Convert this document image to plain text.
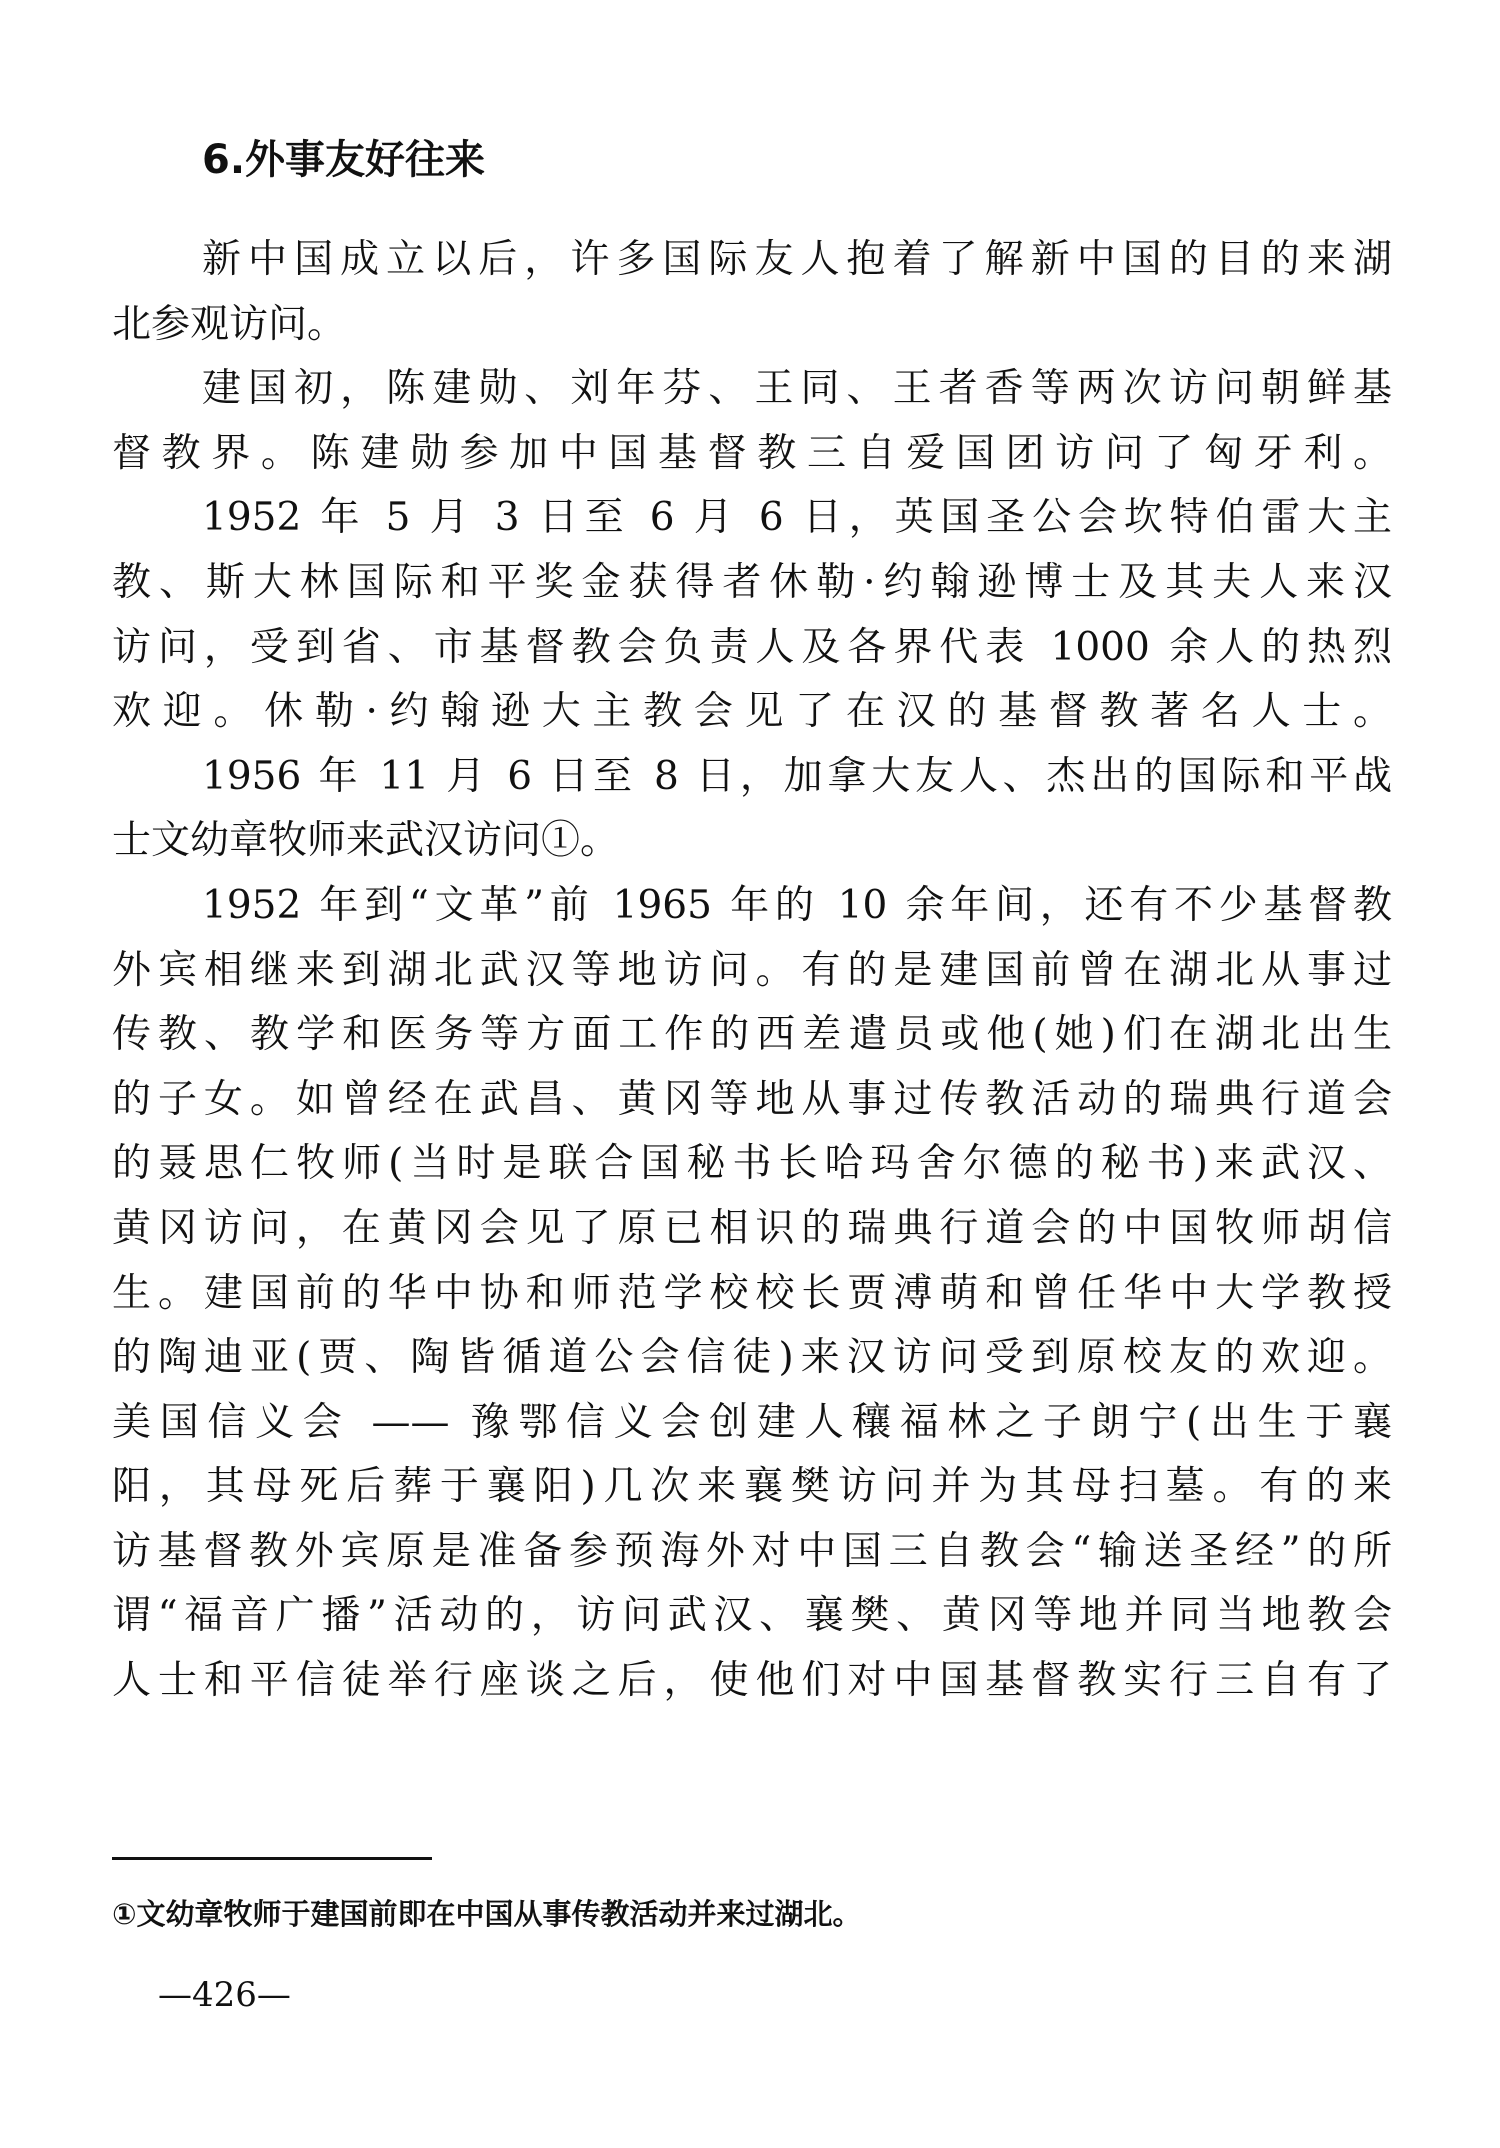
6.外事友好往来
新中国成立以后，许多国际友人抱着了解新中国的目的来湖
北参观访问。
建国初，陈建勋、刘年芬、王同、王者香等两次访问朝鲜基
督教界。陈建勋参加中国基督教三自爱国团访问了匈牙利。
1952 年 5 月 3 日至 6 月 6 日，英国圣公会坎特伯雷大主
教、斯大林国际和平奖金获得者休勒·约翰逊博士及其夫人来汉
访问，受到省、市基督教会负责人及各界代表 1000 余人的热烈
欢迎。休勒·约翰逊大主教会见了在汉的基督教著名人士。
1956 年 11 月 6 日至 8 日，加拿大友人、杰出的国际和平战
士文幼章牧师来武汉访问①。
1952 年到“文革”前 1965 年的 10 余年间，还有不少基督教
外宾相继来到湖北武汉等地访问。有的是建国前曾在湖北从事过
传教、教学和医务等方面工作的西差遣员或他(她)们在湖北出生
的子女。如曾经在武昌、黄冈等地从事过传教活动的瑞典行道会
的聂思仁牧师(当时是联合国秘书长哈玛舍尔德的秘书)来武汉、
黄冈访问，在黄冈会见了原已相识的瑞典行道会的中国牧师胡信
生。建国前的华中协和师范学校校长贾溥萌和曾任华中大学教授
的陶迪亚(贾、陶皆循道公会信徒)来汉访问受到原校友的欢迎。
美国信义会 —— 豫鄂信义会创建人穰福林之子朗宁(出生于襄
阳，其母死后葬于襄阳)几次来襄樊访问并为其母扫墓。有的来
访基督教外宾原是准备参预海外对中国三自教会“输送圣经”的所
谓“福音广播”活动的，访问武汉、襄樊、黄冈等地并同当地教会
人士和平信徒举行座谈之后，使他们对中国基督教实行三自有了
①文幼章牧师于建国前即在中国从事传教活动并来过湖北。
—426—
